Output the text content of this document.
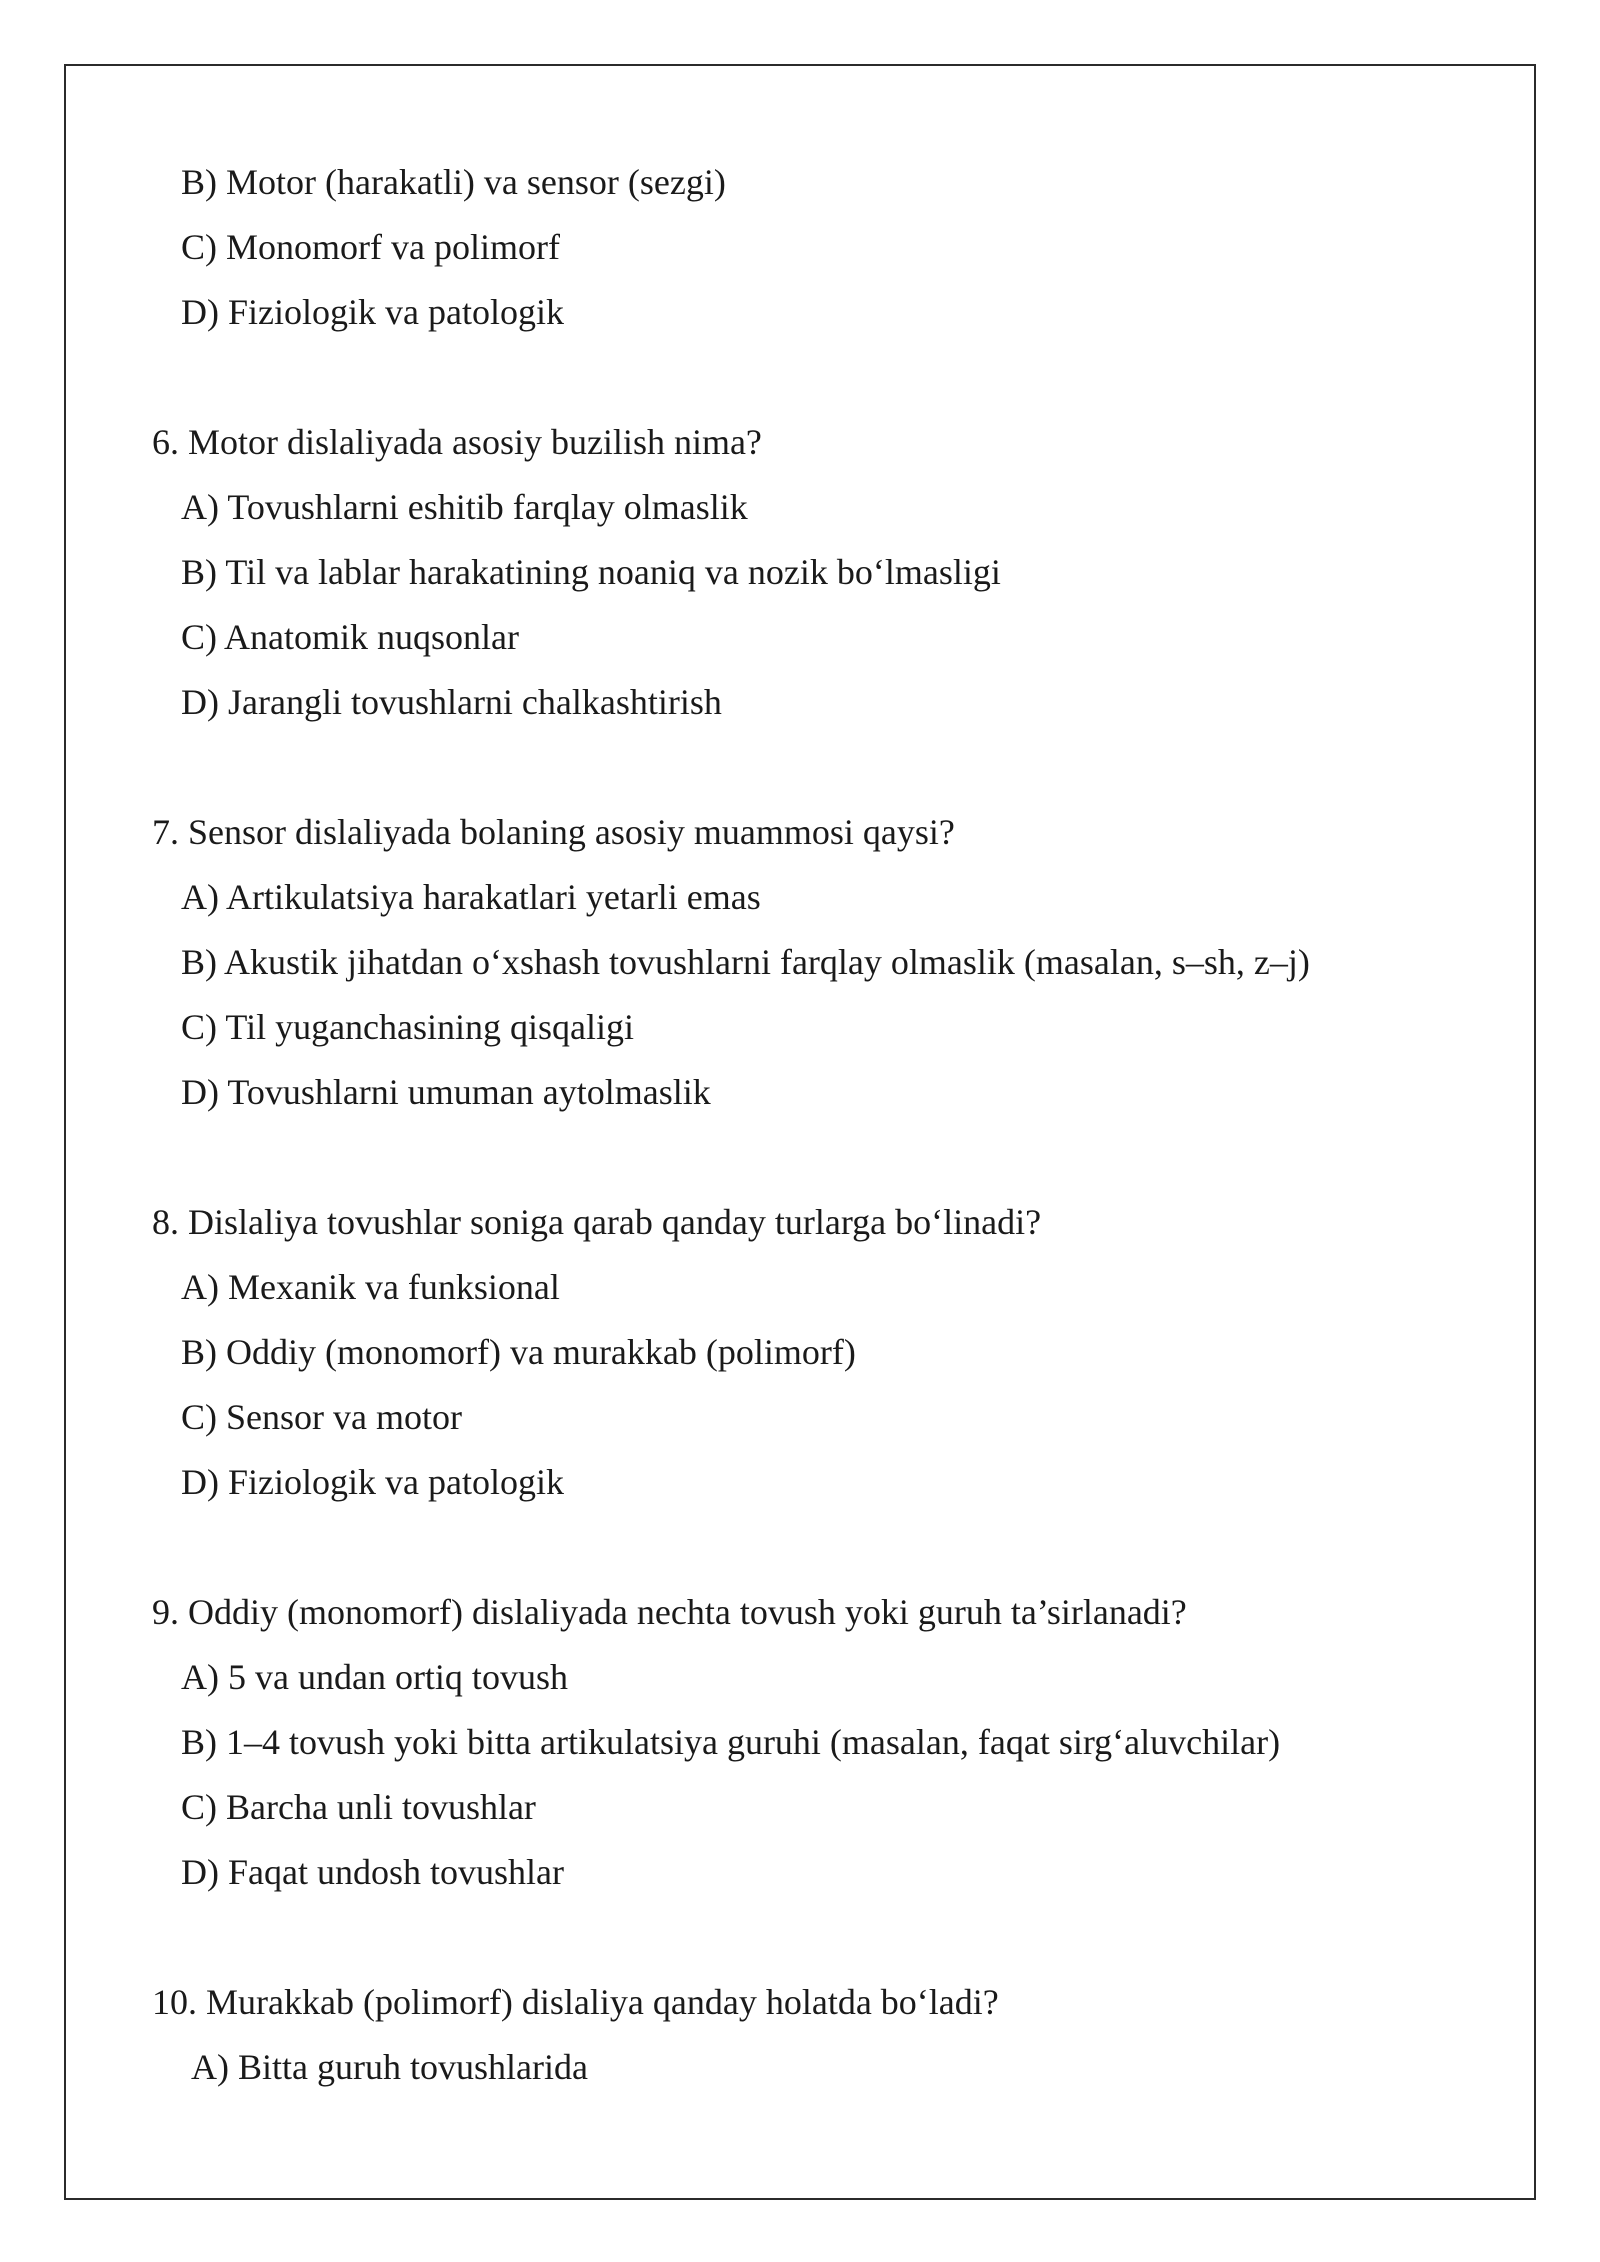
B) Motor (harakatli) va sensor (sezgi)

C) Monomorf va polimorf

D) Fiziologik va patologik

6. Motor dislaliyada asosiy buzilish nima?

A) Tovushlarni eshitib farqlay olmaslik

B) Til va lablar harakatining noaniq va nozik bo‘lmasligi

C) Anatomik nuqsonlar

D) Jarangli tovushlarni chalkashtirish

7. Sensor dislaliyada bolaning asosiy muammosi qaysi?

A) Artikulatsiya harakatlari yetarli emas

B) Akustik jihatdan o‘xshash tovushlarni farqlay olmaslik (masalan, s–sh, z–j)

C) Til yuganchasining qisqaligi

D) Tovushlarni umuman aytolmaslik

8. Dislaliya tovushlar soniga qarab qanday turlarga bo‘linadi?

A) Mexanik va funksional

B) Oddiy (monomorf) va murakkab (polimorf)

C) Sensor va motor

D) Fiziologik va patologik

9. Oddiy (monomorf) dislaliyada nechta tovush yoki guruh ta’sirlanadi?

A) 5 va undan ortiq tovush

B) 1–4 tovush yoki bitta artikulatsiya guruhi (masalan, faqat sirg‘aluvchilar)

C) Barcha unli tovushlar

D) Faqat undosh tovushlar

10. Murakkab (polimorf) dislaliya qanday holatda bo‘ladi?

A) Bitta guruh tovushlarida
